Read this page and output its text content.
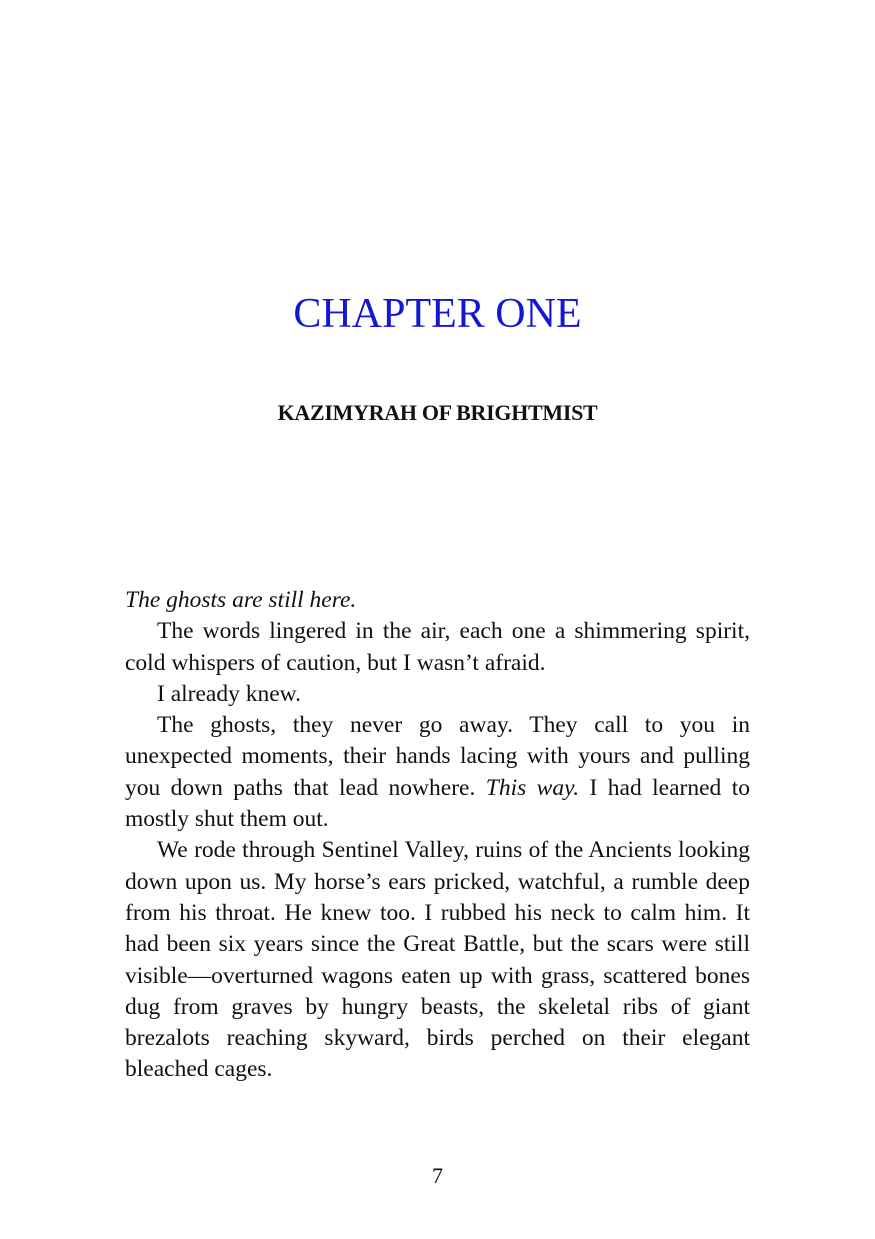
CHAPTER ONE
KAZIMYRAH OF BRIGHTMIST

The ghosts are still here.

The words lingered in the air, each one a shimmering spirit, cold whispers of caution, but I wasn’t afraid.

I already knew.

The ghosts, they never go away. They call to you in unexpected moments, their hands lacing with yours and pulling you down paths that lead nowhere. This way. I had learned to mostly shut them out.

We rode through Sentinel Valley, ruins of the Ancients looking down upon us. My horse’s ears pricked, watchful, a rumble deep from his throat. He knew too. I rubbed his neck to calm him. It had been six years since the Great Battle, but the scars were still visible—overturned wagons eaten up with grass, scattered bones dug from graves by hungry beasts, the skeletal ribs of giant brezalots reaching skyward, birds perched on their elegant bleached cages.

7
